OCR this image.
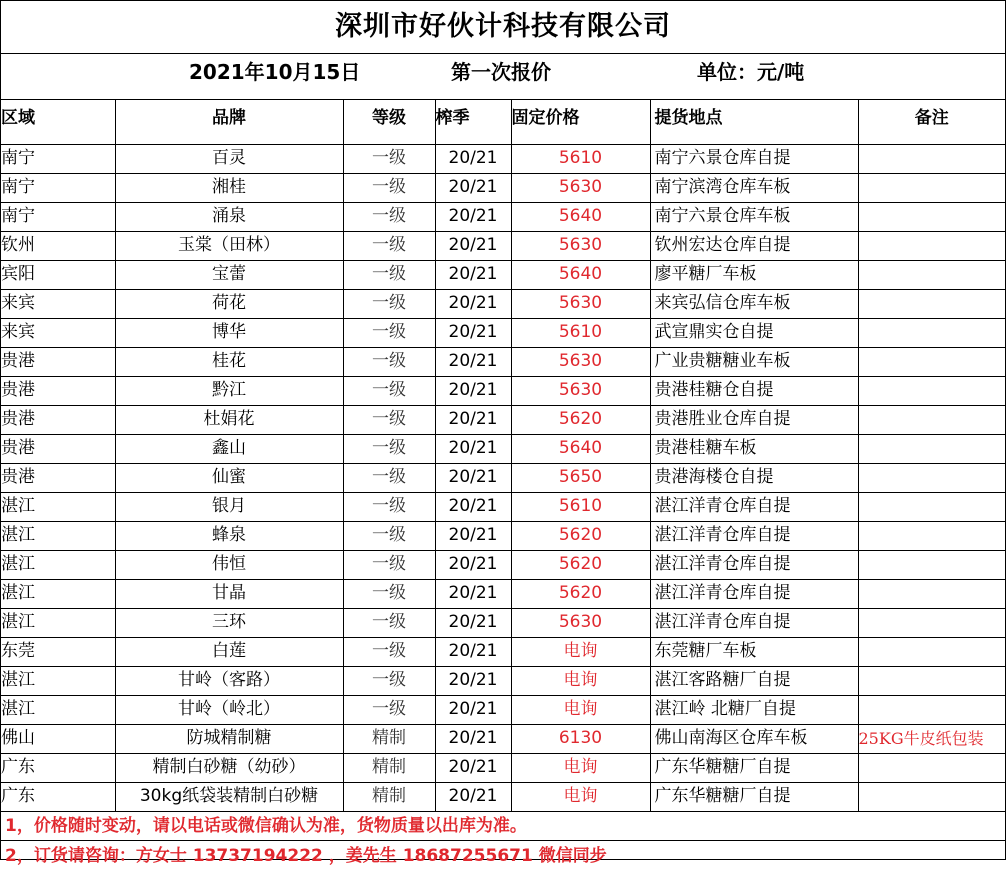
深圳市好伙计科技有限公司
2021年10月15日	第一次报价	单位：元/吨
区域	品牌	等级	榨季	固定价格	提货地点	备注
南宁	百灵	一级	20/21	5610	南宁六景仓库自提	
南宁	湘桂	一级	20/21	5630	南宁滨湾仓库车板	
南宁	涌泉	一级	20/21	5640	南宁六景仓库车板	
钦州	玉棠（田林）	一级	20/21	5630	钦州宏达仓库自提	
宾阳	宝蕾	一级	20/21	5640	廖平糖厂车板	
来宾	荷花	一级	20/21	5630	来宾弘信仓库车板	
来宾	博华	一级	20/21	5610	武宣鼎实仓自提	
贵港	桂花	一级	20/21	5630	广业贵糖糖业车板	
贵港	黔江	一级	20/21	5630	贵港桂糖仓自提	
贵港	杜娟花	一级	20/21	5620	贵港胜业仓库自提	
贵港	鑫山	一级	20/21	5640	贵港桂糖车板	
贵港	仙蜜	一级	20/21	5650	贵港海楼仓自提	
湛江	银月	一级	20/21	5610	湛江洋青仓库自提	
湛江	蜂泉	一级	20/21	5620	湛江洋青仓库自提	
湛江	伟恒	一级	20/21	5620	湛江洋青仓库自提	
湛江	甘晶	一级	20/21	5620	湛江洋青仓库自提	
湛江	三环	一级	20/21	5630	湛江洋青仓库自提	
东莞	白莲	一级	20/21	电询	东莞糖厂车板	
湛江	甘岭（客路）	一级	20/21	电询	湛江客路糖厂自提	
湛江	甘岭（岭北）	一级	20/21	电询	湛江岭 北糖厂自提	
佛山	防城精制糖	精制	20/21	6130	佛山南海区仓库车板	25KG牛皮纸包装
广东	精制白砂糖（幼砂）	精制	20/21	电询	广东华糖糖厂自提	
广东	30kg纸袋装精制白砂糖	精制	20/21	电询	广东华糖糖厂自提	
1，价格随时变动，请以电话或微信确认为准，货物质量以出库为准。
2，订货请咨询：方女士 13737194222 ，姜先生 18687255671 微信同步
